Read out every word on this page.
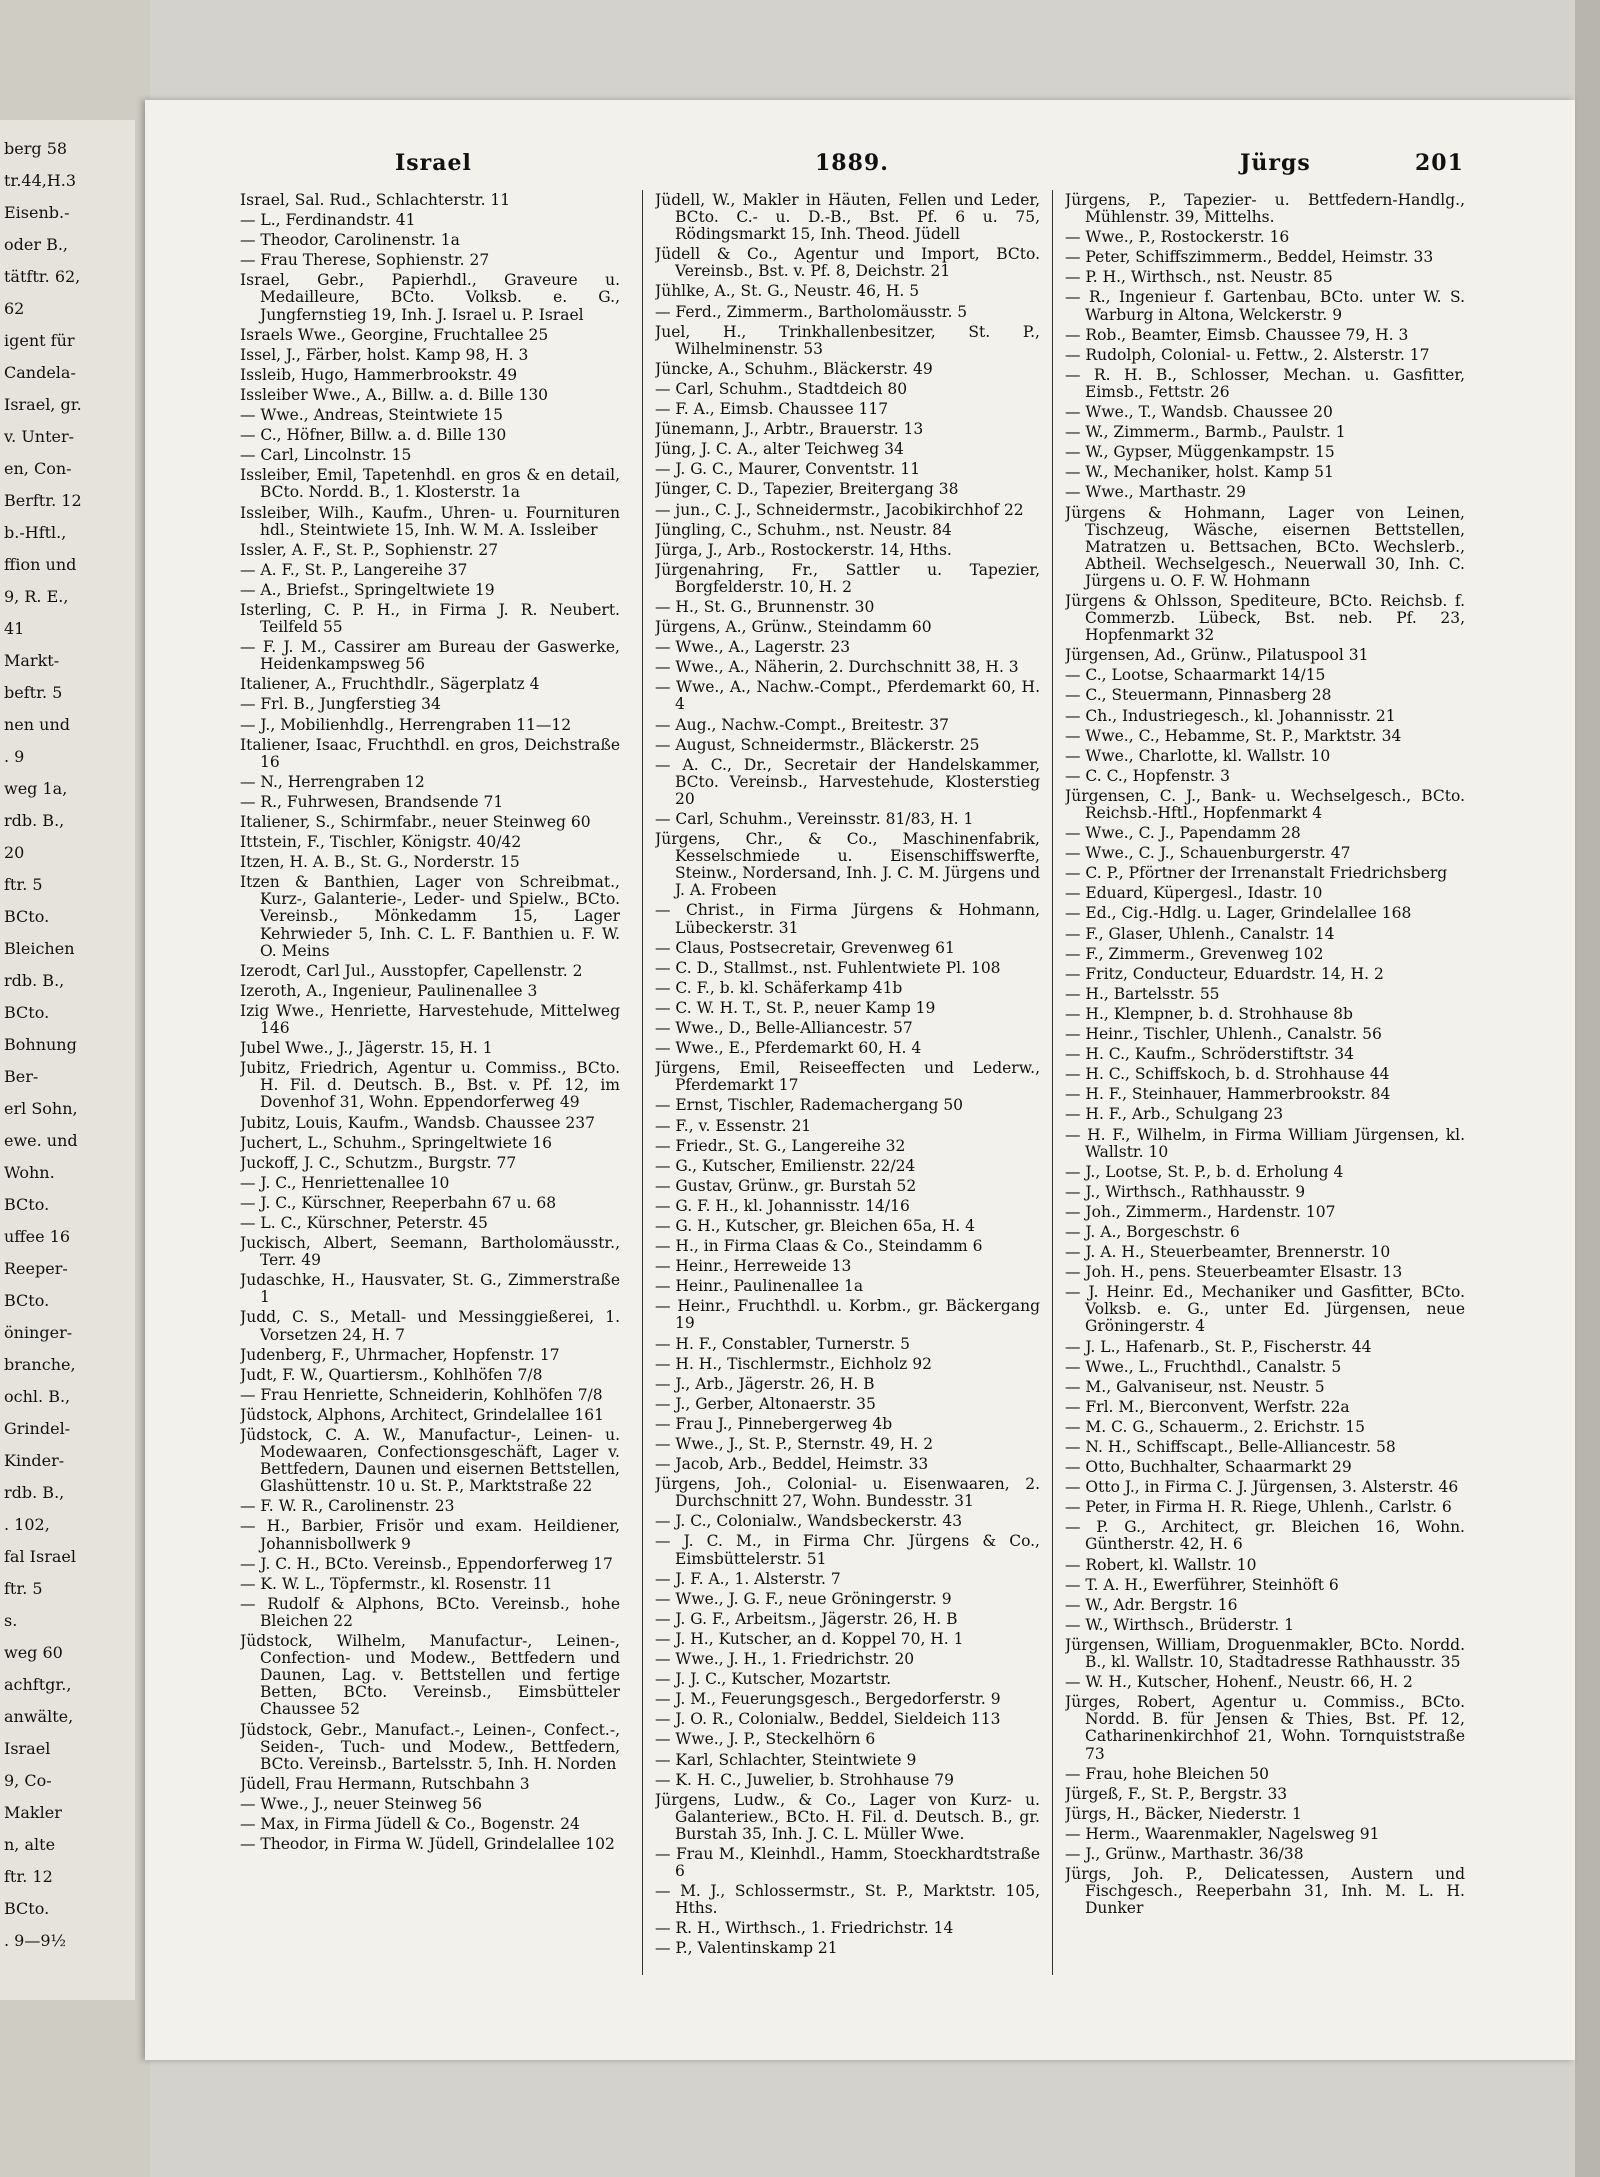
berg 58
tr.44,H.3
Eisenb.-
oder B.,
tätftr. 62,
62
igent für
Candela-
Israel, gr.
v. Unter-
en, Con-
Berftr. 12
b.-Hftl.,
ffion und
9, R. E.,
41
Markt-
beftr. 5
nen und
. 9
weg 1a,
rdb. B.,
20
ftr. 5
BCto.
Bleichen
rdb. B.,
BCto.
Bohnung
Ber-
erl Sohn,
ewe. und
Wohn.
BCto.
uffee 16
Reeper-
BCto.
öninger-
branche,
ochl. B.,
Grindel-
Kinder-
rdb. B.,
. 102,
fal Israel
ftr. 5
s.
weg 60
achftgr.,
anwälte,
Israel
9, Co-
Makler
n, alte
ftr. 12
BCto.
. 9—9½
Israel	1889.	Jürgs	201
Israel, Sal. Rud., Schlachterstr. 11
— L., Ferdinandstr. 41
— Theodor, Carolinenstr. 1a
— Frau Therese, Sophienstr. 27
Israel, Gebr., Papierhdl., Graveure u. Medailleure, BCto. Volksb. e. G., Jungfernstieg 19, Inh. J. Israel u. P. Israel
Israels Wwe., Georgine, Fruchtallee 25
Issel, J., Färber, holst. Kamp 98, H. 3
Issleib, Hugo, Hammerbrookstr. 49
Issleiber Wwe., A., Billw. a. d. Bille 130
— Wwe., Andreas, Steintwiete 15
— C., Höfner, Billw. a. d. Bille 130
— Carl, Lincolnstr. 15
Issleiber, Emil, Tapetenhdl. en gros & en detail, BCto. Nordd. B., 1. Klosterstr. 1a
Issleiber, Wilh., Kaufm., Uhren- u. Fournituren hdl., Steintwiete 15, Inh. W. M. A. Issleiber
Issler, A. F., St. P., Sophienstr. 27
— A. F., St. P., Langereihe 37
— A., Briefst., Springeltwiete 19
Isterling, C. P. H., in Firma J. R. Neubert. Teilfeld 55
— F. J. M., Cassirer am Bureau der Gaswerke, Heidenkampsweg 56
Italiener, A., Fruchthdlr., Sägerplatz 4
— Frl. B., Jungferstieg 34
— J., Mobilienhdlg., Herrengraben 11—12
Italiener, Isaac, Fruchthdl. en gros, Deichstraße 16
— N., Herrengraben 12
— R., Fuhrwesen, Brandsende 71
Italiener, S., Schirmfabr., neuer Steinweg 60
Ittstein, F., Tischler, Königstr. 40/42
Itzen, H. A. B., St. G., Norderstr. 15
Itzen & Banthien, Lager von Schreibmat., Kurz-, Galanterie-, Leder- und Spielw., BCto. Vereinsb., Mönkedamm 15, Lager Kehrwieder 5, Inh. C. L. F. Banthien u. F. W. O. Meins
Izerodt, Carl Jul., Ausstopfer, Capellenstr. 2
Izeroth, A., Ingenieur, Paulinenallee 3
Izig Wwe., Henriette, Harvestehude, Mittelweg 146
Jubel Wwe., J., Jägerstr. 15, H. 1
Jubitz, Friedrich, Agentur u. Commiss., BCto. H. Fil. d. Deutsch. B., Bst. v. Pf. 12, im Dovenhof 31, Wohn. Eppendorferweg 49
Jubitz, Louis, Kaufm., Wandsb. Chaussee 237
Juchert, L., Schuhm., Springeltwiete 16
Juckoff, J. C., Schutzm., Burgstr. 77
— J. C., Henriettenallee 10
— J. C., Kürschner, Reeperbahn 67 u. 68
— L. C., Kürschner, Peterstr. 45
Juckisch, Albert, Seemann, Bartholomäusstr., Terr. 49
Judaschke, H., Hausvater, St. G., Zimmerstraße 1
Judd, C. S., Metall- und Messinggießerei, 1. Vorsetzen 24, H. 7
Judenberg, F., Uhrmacher, Hopfenstr. 17
Judt, F. W., Quartiersm., Kohlhöfen 7/8
— Frau Henriette, Schneiderin, Kohlhöfen 7/8
Jüdstock, Alphons, Architect, Grindelallee 161
Jüdstock, C. A. W., Manufactur-, Leinen- u. Modewaaren, Confectionsgeschäft, Lager v. Bettfedern, Daunen und eisernen Bettstellen, Glashüttenstr. 10 u. St. P., Marktstraße 22
— F. W. R., Carolinenstr. 23
— H., Barbier, Frisör und exam. Heildiener, Johannisbollwerk 9
— J. C. H., BCto. Vereinsb., Eppendorferweg 17
— K. W. L., Töpfermstr., kl. Rosenstr. 11
— Rudolf & Alphons, BCto. Vereinsb., hohe Bleichen 22
Jüdstock, Wilhelm, Manufactur-, Leinen-, Confection- und Modew., Bettfedern und Daunen, Lag. v. Bettstellen und fertige Betten, BCto. Vereinsb., Eimsbütteler Chaussee 52
Jüdstock, Gebr., Manufact.-, Leinen-, Confect.-, Seiden-, Tuch- und Modew., Bettfedern, BCto. Vereinsb., Bartelsstr. 5, Inh. H. Norden
Jüdell, Frau Hermann, Rutschbahn 3
— Wwe., J., neuer Steinweg 56
— Max, in Firma Jüdell & Co., Bogenstr. 24
— Theodor, in Firma W. Jüdell, Grindelallee 102
Jüdell, W., Makler in Häuten, Fellen und Leder, BCto. C.- u. D.-B., Bst. Pf. 6 u. 75, Rödingsmarkt 15, Inh. Theod. Jüdell
Jüdell & Co., Agentur und Import, BCto. Vereinsb., Bst. v. Pf. 8, Deichstr. 21
Jühlke, A., St. G., Neustr. 46, H. 5
— Ferd., Zimmerm., Bartholomäusstr. 5
Juel, H., Trinkhallenbesitzer, St. P., Wilhelminenstr. 53
Jüncke, A., Schuhm., Bläckerstr. 49
— Carl, Schuhm., Stadtdeich 80
— F. A., Eimsb. Chaussee 117
Jünemann, J., Arbtr., Brauerstr. 13
Jüng, J. C. A., alter Teichweg 34
— J. G. C., Maurer, Conventstr. 11
Jünger, C. D., Tapezier, Breitergang 38
— jun., C. J., Schneidermstr., Jacobikirchhof 22
Jüngling, C., Schuhm., nst. Neustr. 84
Jürga, J., Arb., Rostockerstr. 14, Hths.
Jürgenahring, Fr., Sattler u. Tapezier, Borgfelderstr. 10, H. 2
— H., St. G., Brunnenstr. 30
Jürgens, A., Grünw., Steindamm 60
— Wwe., A., Lagerstr. 23
— Wwe., A., Näherin, 2. Durchschnitt 38, H. 3
— Wwe., A., Nachw.-Compt., Pferdemarkt 60, H. 4
— Aug., Nachw.-Compt., Breitestr. 37
— August, Schneidermstr., Bläckerstr. 25
— A. C., Dr., Secretair der Handelskammer, BCto. Vereinsb., Harvestehude, Klosterstieg 20
— Carl, Schuhm., Vereinsstr. 81/83, H. 1
Jürgens, Chr., & Co., Maschinenfabrik, Kesselschmiede u. Eisenschiffswerfte, Steinw., Nordersand, Inh. J. C. M. Jürgens und J. A. Frobeen
— Christ., in Firma Jürgens & Hohmann, Lübeckerstr. 31
— Claus, Postsecretair, Grevenweg 61
— C. D., Stallmst., nst. Fuhlentwiete Pl. 108
— C. F., b. kl. Schäferkamp 41b
— C. W. H. T., St. P., neuer Kamp 19
— Wwe., D., Belle-Alliancestr. 57
— Wwe., E., Pferdemarkt 60, H. 4
Jürgens, Emil, Reiseeffecten und Lederw., Pferdemarkt 17
— Ernst, Tischler, Rademachergang 50
— F., v. Essenstr. 21
— Friedr., St. G., Langereihe 32
— G., Kutscher, Emilienstr. 22/24
— Gustav, Grünw., gr. Burstah 52
— G. F. H., kl. Johannisstr. 14/16
— G. H., Kutscher, gr. Bleichen 65a, H. 4
— H., in Firma Claas & Co., Steindamm 6
— Heinr., Herreweide 13
— Heinr., Paulinenallee 1a
— Heinr., Fruchthdl. u. Korbm., gr. Bäckergang 19
— H. F., Constabler, Turnerstr. 5
— H. H., Tischlermstr., Eichholz 92
— J., Arb., Jägerstr. 26, H. B
— J., Gerber, Altonaerstr. 35
— Frau J., Pinnebergerweg 4b
— Wwe., J., St. P., Sternstr. 49, H. 2
— Jacob, Arb., Beddel, Heimstr. 33
Jürgens, Joh., Colonial- u. Eisenwaaren, 2. Durchschnitt 27, Wohn. Bundesstr. 31
— J. C., Colonialw., Wandsbeckerstr. 43
— J. C. M., in Firma Chr. Jürgens & Co., Eimsbüttelerstr. 51
— J. F. A., 1. Alsterstr. 7
— Wwe., J. G. F., neue Gröningerstr. 9
— J. G. F., Arbeitsm., Jägerstr. 26, H. B
— J. H., Kutscher, an d. Koppel 70, H. 1
— Wwe., J. H., 1. Friedrichstr. 20
— J. J. C., Kutscher, Mozartstr.
— J. M., Feuerungsgesch., Bergedorferstr. 9
— J. O. R., Colonialw., Beddel, Sieldeich 113
— Wwe., J. P., Steckelhörn 6
— Karl, Schlachter, Steintwiete 9
— K. H. C., Juwelier, b. Strohhause 79
Jürgens, Ludw., & Co., Lager von Kurz- u. Galanteriew., BCto. H. Fil. d. Deutsch. B., gr. Burstah 35, Inh. J. C. L. Müller Wwe.
— Frau M., Kleinhdl., Hamm, Stoeckhardtstraße 6
— M. J., Schlossermstr., St. P., Marktstr. 105, Hths.
— R. H., Wirthsch., 1. Friedrichstr. 14
— P., Valentinskamp 21
Jürgens, P., Tapezier- u. Bettfedern-Handlg., Mühlenstr. 39, Mittelhs.
— Wwe., P., Rostockerstr. 16
— Peter, Schiffszimmerm., Beddel, Heimstr. 33
— P. H., Wirthsch., nst. Neustr. 85
— R., Ingenieur f. Gartenbau, BCto. unter W. S. Warburg in Altona, Welckerstr. 9
— Rob., Beamter, Eimsb. Chaussee 79, H. 3
— Rudolph, Colonial- u. Fettw., 2. Alsterstr. 17
— R. H. B., Schlosser, Mechan. u. Gasfitter, Eimsb., Fettstr. 26
— Wwe., T., Wandsb. Chaussee 20
— W., Zimmerm., Barmb., Paulstr. 1
— W., Gypser, Müggenkampstr. 15
— W., Mechaniker, holst. Kamp 51
— Wwe., Marthastr. 29
Jürgens & Hohmann, Lager von Leinen, Tischzeug, Wäsche, eisernen Bettstellen, Matratzen u. Bettsachen, BCto. Wechslerb., Abtheil. Wechselgesch., Neuerwall 30, Inh. C. Jürgens u. O. F. W. Hohmann
Jürgens & Ohlsson, Spediteure, BCto. Reichsb. f. Commerzb. Lübeck, Bst. neb. Pf. 23, Hopfenmarkt 32
Jürgensen, Ad., Grünw., Pilatuspool 31
— C., Lootse, Schaarmarkt 14/15
— C., Steuermann, Pinnasberg 28
— Ch., Industriegesch., kl. Johannisstr. 21
— Wwe., C., Hebamme, St. P., Marktstr. 34
— Wwe., Charlotte, kl. Wallstr. 10
— C. C., Hopfenstr. 3
Jürgensen, C. J., Bank- u. Wechselgesch., BCto. Reichsb.-Hftl., Hopfenmarkt 4
— Wwe., C. J., Papendamm 28
— Wwe., C. J., Schauenburgerstr. 47
— C. P., Pförtner der Irrenanstalt Friedrichsberg
— Eduard, Küpergesl., Idastr. 10
— Ed., Cig.-Hdlg. u. Lager, Grindelallee 168
— F., Glaser, Uhlenh., Canalstr. 14
— F., Zimmerm., Grevenweg 102
— Fritz, Conducteur, Eduardstr. 14, H. 2
— H., Bartelsstr. 55
— H., Klempner, b. d. Strohhause 8b
— Heinr., Tischler, Uhlenh., Canalstr. 56
— H. C., Kaufm., Schröderstiftstr. 34
— H. C., Schiffskoch, b. d. Strohhause 44
— H. F., Steinhauer, Hammerbrookstr. 84
— H. F., Arb., Schulgang 23
— H. F., Wilhelm, in Firma William Jürgensen, kl. Wallstr. 10
— J., Lootse, St. P., b. d. Erholung 4
— J., Wirthsch., Rathhausstr. 9
— Joh., Zimmerm., Hardenstr. 107
— J. A., Borgeschstr. 6
— J. A. H., Steuerbeamter, Brennerstr. 10
— Joh. H., pens. Steuerbeamter Elsastr. 13
— J. Heinr. Ed., Mechaniker und Gasfitter, BCto. Volksb. e. G., unter Ed. Jürgensen, neue Gröningerstr. 4
— J. L., Hafenarb., St. P., Fischerstr. 44
— Wwe., L., Fruchthdl., Canalstr. 5
— M., Galvaniseur, nst. Neustr. 5
— Frl. M., Bierconvent, Werfstr. 22a
— M. C. G., Schauerm., 2. Erichstr. 15
— N. H., Schiffscapt., Belle-Alliancestr. 58
— Otto, Buchhalter, Schaarmarkt 29
— Otto J., in Firma C. J. Jürgensen, 3. Alsterstr. 46
— Peter, in Firma H. R. Riege, Uhlenh., Carlstr. 6
— P. G., Architect, gr. Bleichen 16, Wohn. Güntherstr. 42, H. 6
— Robert, kl. Wallstr. 10
— T. A. H., Ewerführer, Steinhöft 6
— W., Adr. Bergstr. 16
— W., Wirthsch., Brüderstr. 1
Jürgensen, William, Droguenmakler, BCto. Nordd. B., kl. Wallstr. 10, Stadtadresse Rathhausstr. 35
— W. H., Kutscher, Hohenf., Neustr. 66, H. 2
Jürges, Robert, Agentur u. Commiss., BCto. Nordd. B. für Jensen & Thies, Bst. Pf. 12, Catharinenkirchhof 21, Wohn. Tornquiststraße 73
— Frau, hohe Bleichen 50
Jürgeß, F., St. P., Bergstr. 33
Jürgs, H., Bäcker, Niederstr. 1
— Herm., Waarenmakler, Nagelsweg 91
— J., Grünw., Marthastr. 36/38
Jürgs, Joh. P., Delicatessen, Austern und Fischgesch., Reeperbahn 31, Inh. M. L. H. Dunker
